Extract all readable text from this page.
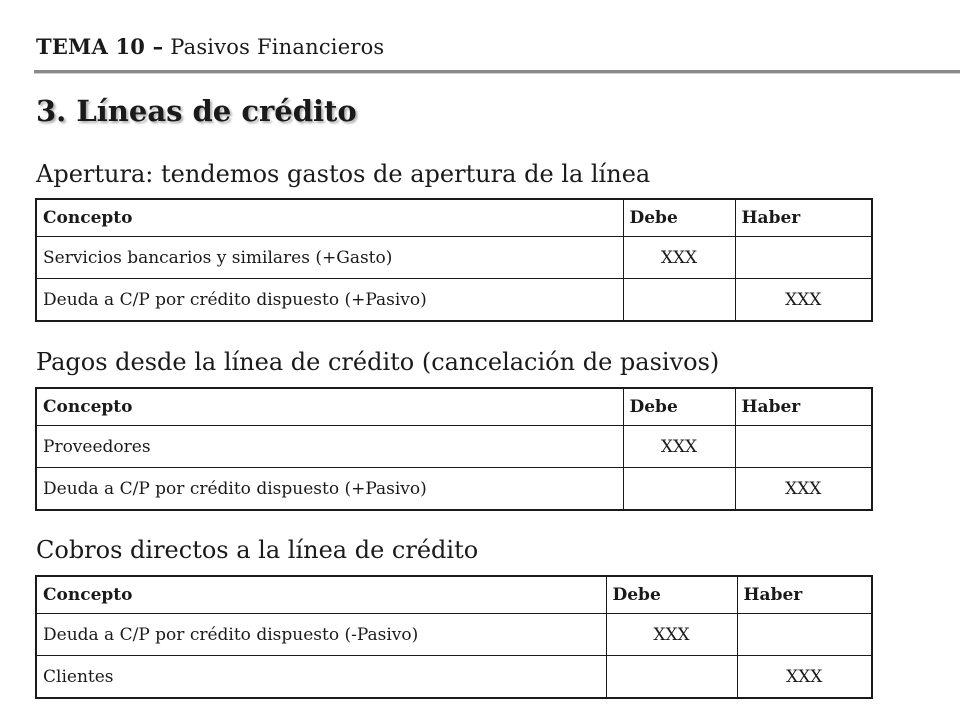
TEMA 10 – Pasivos Financieros
3. Líneas de crédito
Apertura: tendemos gastos de apertura de la línea
Concepto	Debe	Haber
Servicios bancarios y similares (+Gasto)	XXX	
Deuda a C/P por crédito dispuesto (+Pasivo)		XXX
Pagos desde la línea de crédito (cancelación de pasivos)
Concepto	Debe	Haber
Proveedores	XXX	
Deuda a C/P por crédito dispuesto (+Pasivo)		XXX
Cobros directos a la línea de crédito
Concepto	Debe	Haber
Deuda a C/P por crédito dispuesto (-Pasivo)	XXX	
Clientes		XXX
